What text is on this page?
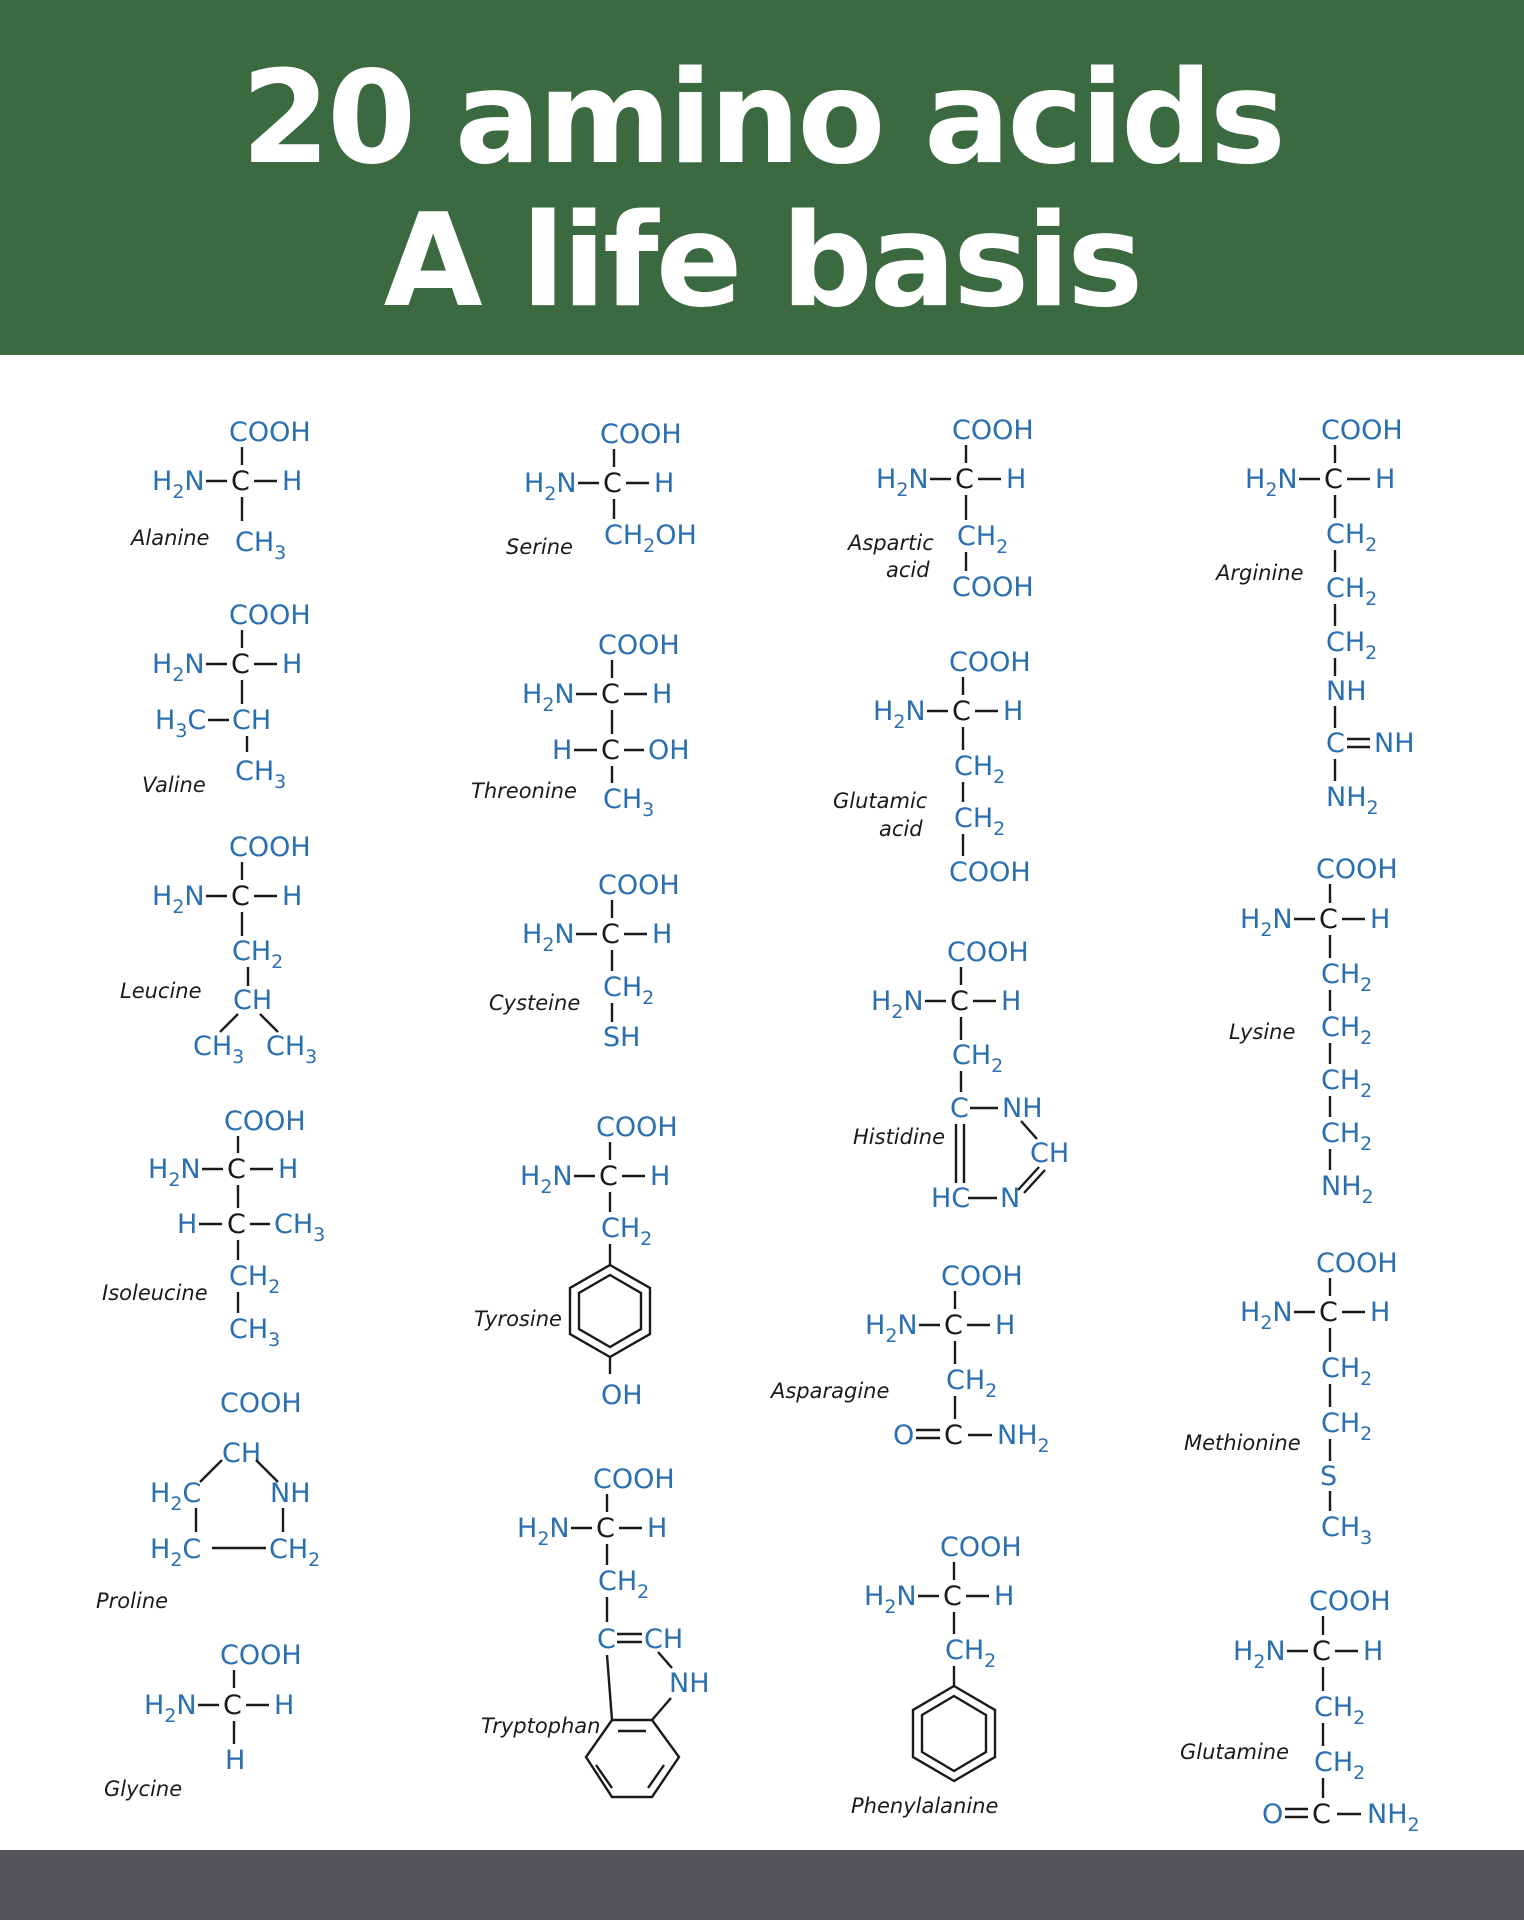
20 amino acids
A life basis
COOH
$H_2N$ C H
$CH_3$
Alanine
COOH
$H_2N$ C H
$H_3C$ CH
$CH_3$
Valine
COOH
$H_2N$ C H
$CH_2$
CH
$CH_3$ $CH_3$
Leucine
COOH
$H_2N$ C H
H C $CH_3$
$CH_2$
$CH_3$
Isoleucine
COOH
CH
$H_2C$	NH
$H_2C$	$CH_2$
Proline
COOH
$H_2N$ C H
H
Glycine
COOH
$H_2N$ C H
$CH_2OH$
Serine
COOH
$H_2N$ C H
H C OH
$CH_3$
Threonine
COOH
$H_2N$ C H
$CH_2$
SH
Cysteine
COOH
$H_2N$ C H
$CH_2$
OH
Tyrosine
COOH
$H_2N$ C H
$CH_2$
C CH
NH
Tryptophan
COOH
$H_2N$ C H
$CH_2$
COOH
Aspartic
acid
COOH
$H_2N$ C H
$CH_2$
$CH_2$
COOH
Glutamic
acid
COOH
$H_2N$ C H
$CH_2$
C NH
CH
HC N
Histidine
COOH
$H_2N$ C H
$CH_2$
O C $NH_2$
Asparagine
COOH
$H_2N$ C H
$CH_2$
Phenylalanine
COOH
$H_2N$ C H
$CH_2$
$CH_2$
$CH_2$
NH
C NH
$NH_2$
Arginine
COOH
$H_2N$ C H
$CH_2$
$CH_2$
$CH_2$
$CH_2$
$NH_2$
Lysine
COOH
$H_2N$ C H
$CH_2$
$CH_2$
S
$CH_3$
Methionine
COOH
$H_2N$ C H
$CH_2$
$CH_2$
O C $NH_2$
Glutamine
